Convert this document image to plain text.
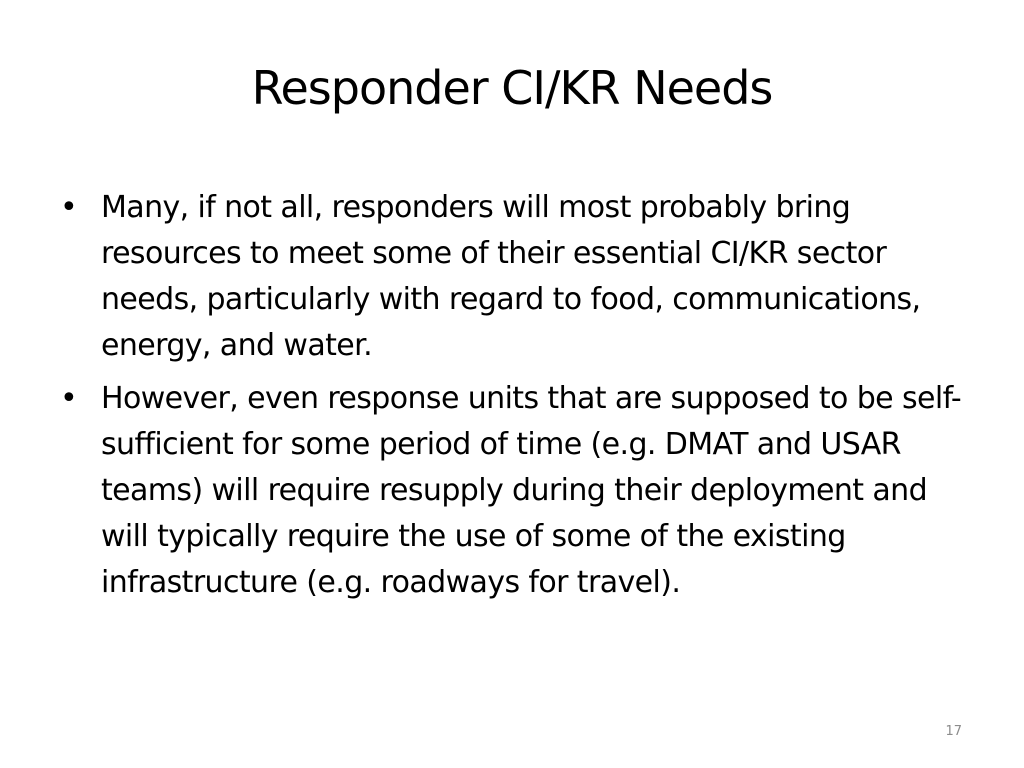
Responder CI/KR Needs
• Many, if not all, responders will most probably bring resources to meet some of their essential CI/KR sector needs, particularly with regard to food, communications, energy, and water.
• However, even response units that are supposed to be self-sufficient for some period of time (e.g. DMAT and USAR teams) will require resupply during their deployment and will typically require the use of some of the existing infrastructure (e.g. roadways for travel).
17
